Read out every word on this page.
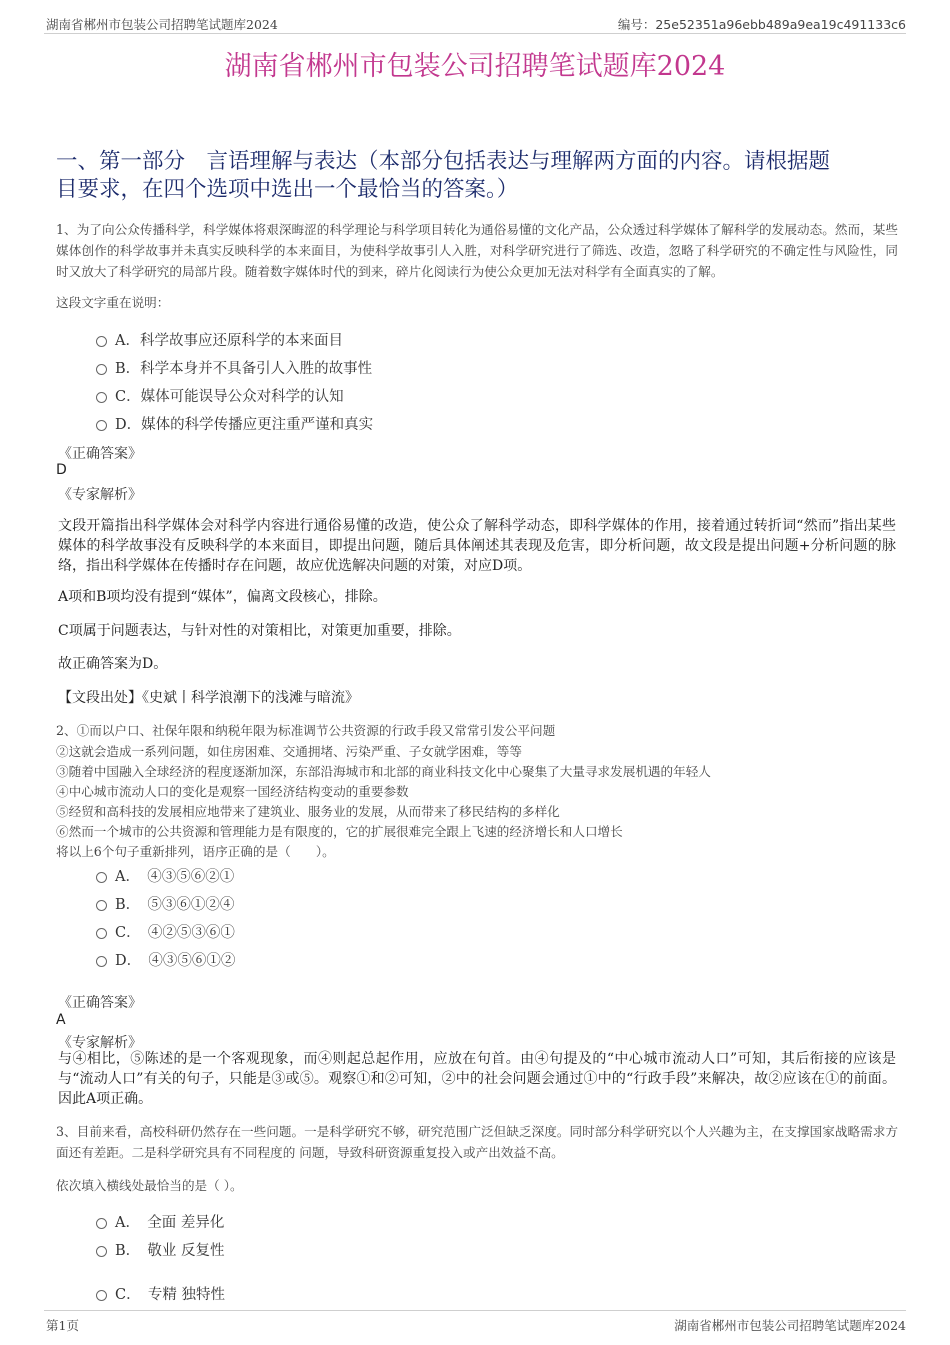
湖南省郴州市包装公司招聘笔试题库2024	编号：25e52351a96ebb489a9ea19c491133c6
湖南省郴州市包装公司招聘笔试题库2024
一、第一部分　言语理解与表达（本部分包括表达与理解两方面的内容。请根据题
目要求，在四个选项中选出一个最恰当的答案。）
1、为了向公众传播科学，科学媒体将艰深晦涩的科学理论与科学项目转化为通俗易懂的文化产品，公众透过科学媒体了解科学的发展动态。然而，某些媒体创作的科学故事并未真实反映科学的本来面目，为使科学故事引人入胜，对科学研究进行了筛选、改造，忽略了科学研究的不确定性与风险性，同时又放大了科学研究的局部片段。随着数字媒体时代的到来，碎片化阅读行为使公众更加无法对科学有全面真实的了解。
这段文字重在说明：
A．科学故事应还原科学的本来面目
B．科学本身并不具备引人入胜的故事性
C．媒体可能误导公众对科学的认知
D．媒体的科学传播应更注重严谨和真实
《正确答案》
D
《专家解析》
文段开篇指出科学媒体会对科学内容进行通俗易懂的改造，使公众了解科学动态，即科学媒体的作用，接着通过转折词“然而”指出某些媒体的科学故事没有反映科学的本来面目，即提出问题，随后具体阐述其表现及危害，即分析问题，故文段是提出问题+分析问题的脉络，指出科学媒体在传播时存在问题，故应优选解决问题的对策，对应D项。
A项和B项均没有提到“媒体”，偏离文段核心，排除。
C项属于问题表达，与针对性的对策相比，对策更加重要，排除。
故正确答案为D。
【文段出处】《史斌丨科学浪潮下的浅滩与暗流》
2、①而以户口、社保年限和纳税年限为标准调节公共资源的行政手段又常常引发公平问题
②这就会造成一系列问题，如住房困难、交通拥堵、污染严重、子女就学困难，等等
③随着中国融入全球经济的程度逐渐加深，东部沿海城市和北部的商业科技文化中心聚集了大量寻求发展机遇的年轻人
④中心城市流动人口的变化是观察一国经济结构变动的重要参数
⑤经贸和高科技的发展相应地带来了建筑业、服务业的发展，从而带来了移民结构的多样化
⑥然而一个城市的公共资源和管理能力是有限度的，它的扩展很难完全跟上飞速的经济增长和人口增长
将以上6个句子重新排列，语序正确的是（　　）。
A．　④③⑤⑥②①
B．　⑤③⑥①②④
C．　④②⑤③⑥①
D．　④③⑤⑥①②
《正确答案》
A
《专家解析》
与④相比，⑤陈述的是一个客观现象，而④则起总起作用，应放在句首。由④句提及的“中心城市流动人口”可知，其后衔接的应该是与“流动人口”有关的句子，只能是③或⑤。观察①和②可知，②中的社会问题会通过①中的“行政手段”来解决，故②应该在①的前面。因此A项正确。
3、目前来看，高校科研仍然存在一些问题。一是科学研究不够，研究范围广泛但缺乏深度。同时部分科学研究以个人兴趣为主，在支撑国家战略需求方面还有差距。二是科学研究具有不同程度的 问题，导致科研资源重复投入或产出效益不高。
依次填入横线处最恰当的是（ ）。
A．　全面 差异化
B．　敬业 反复性
C．　专精 独特性
第1页	湖南省郴州市包装公司招聘笔试题库2024
